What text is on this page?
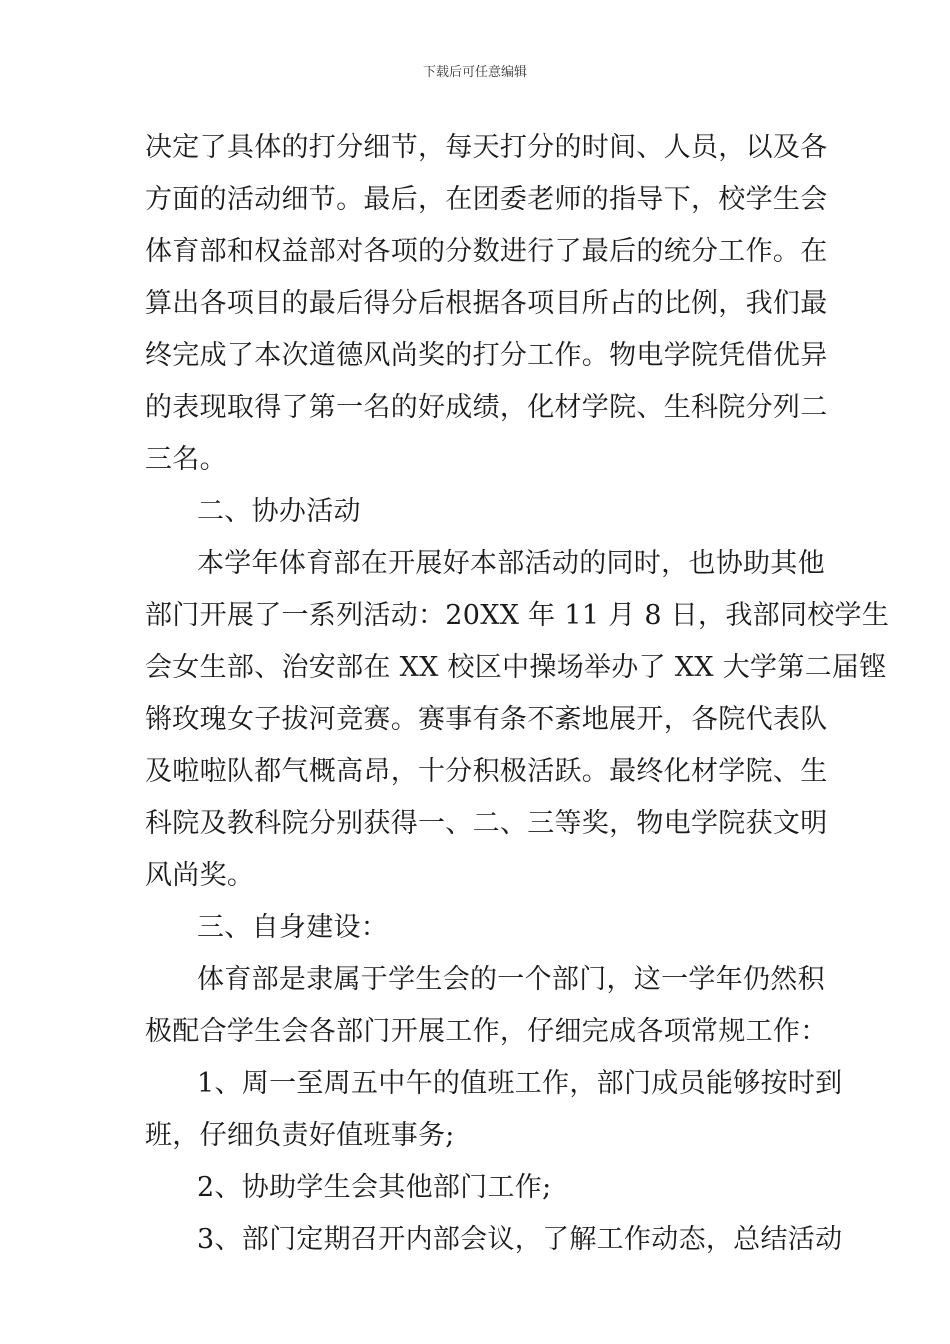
下载后可任意编辑
决定了具体的打分细节，每天打分的时间、人员，以及各
方面的活动细节。最后，在团委老师的指导下，校学生会
体育部和权益部对各项的分数进行了最后的统分工作。在
算出各项目的最后得分后根据各项目所占的比例，我们最
终完成了本次道德风尚奖的打分工作。物电学院凭借优异
的表现取得了第一名的好成绩，化材学院、生科院分列二
三名。
二、协办活动
本学年体育部在开展好本部活动的同时，也协助其他
部门开展了一系列活动：20XX 年 11 月 8 日，我部同校学生
会女生部、治安部在 XX 校区中操场举办了 XX 大学第二届铿
锵玫瑰女子拔河竞赛。赛事有条不紊地展开，各院代表队
及啦啦队都气概高昂，十分积极活跃。最终化材学院、生
科院及教科院分别获得一、二、三等奖，物电学院获文明
风尚奖。
三、自身建设：
体育部是隶属于学生会的一个部门，这一学年仍然积
极配合学生会各部门开展工作，仔细完成各项常规工作：
1、周一至周五中午的值班工作，部门成员能够按时到
班，仔细负责好值班事务;
2、协助学生会其他部门工作;
3、部门定期召开内部会议，了解工作动态，总结活动
